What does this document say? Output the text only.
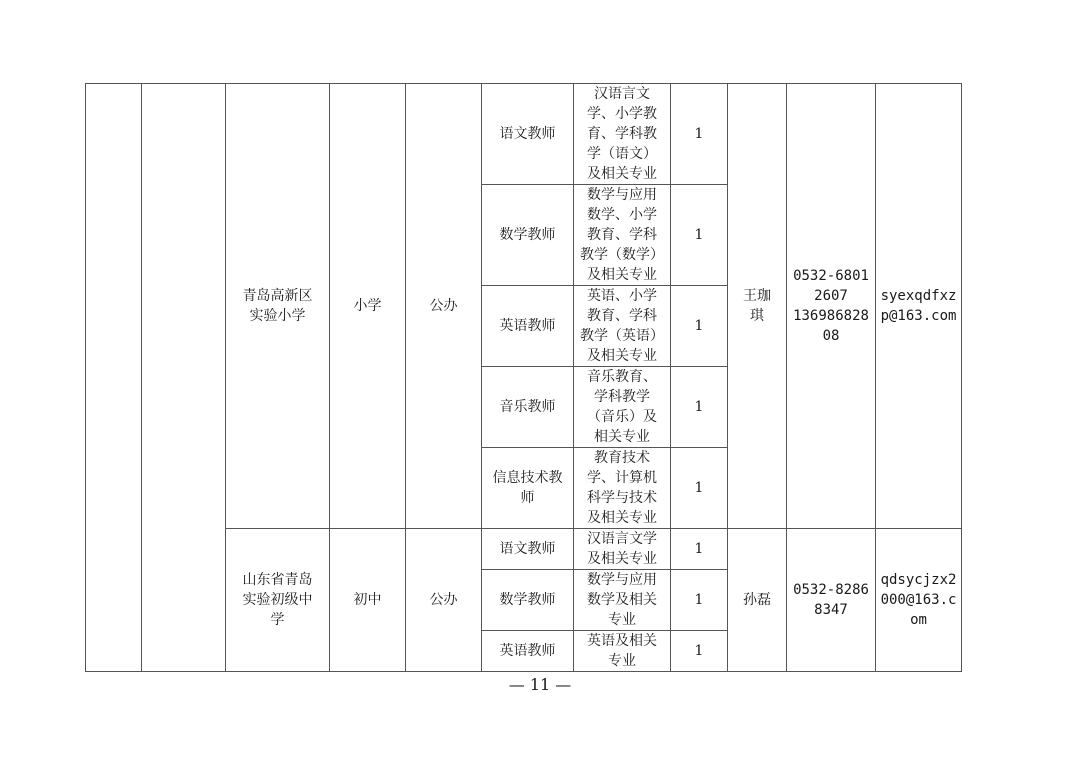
		青岛高新区
实验小学	小学	公办	语文教师	汉语言文
学、小学教
育、学科教
学（语文）
及相关专业	1	王珈
琪	0532-6801
2607
136986828
08	syexqdfxz
p@163.com

					数学教师	数学与应用
数学、小学
教育、学科
教学（数学）
及相关专业	1			

					英语教师	英语、小学
教育、学科
教学（英语）
及相关专业	1			

					音乐教师	音乐教育、
学科教学
（音乐）及
相关专业	1			

					信息技术教
师	教育技术
学、计算机
科学与技术
及相关专业	1			

		山东省青岛
实验初级中
学	初中	公办	语文教师	汉语言文学
及相关专业	1	孙磊	0532-8286
8347	qdsycjzx2
000@163.c
om

					数学教师	数学与应用
数学及相关
专业	1			

					英语教师	英语及相关
专业	1			
— 11 —
